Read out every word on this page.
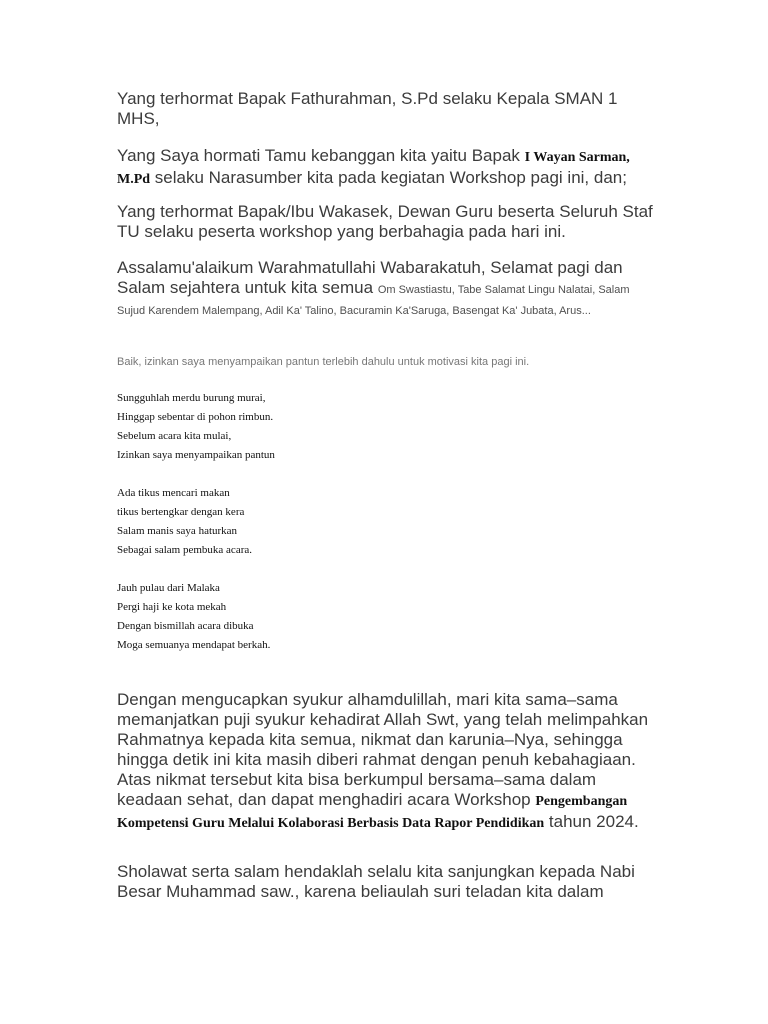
Yang terhormat Bapak Fathurahman, S.Pd selaku Kepala SMAN 1 MHS,

Yang Saya hormati Tamu kebanggan kita yaitu Bapak I Wayan Sarman, M.Pd selaku Narasumber kita pada kegiatan Workshop pagi ini, dan;

Yang terhormat Bapak/Ibu Wakasek, Dewan Guru beserta Seluruh Staf TU selaku peserta workshop yang berbahagia pada hari ini.

Assalamu'alaikum Warahmatullahi Wabarakatuh, Selamat pagi dan Salam sejahtera untuk kita semua Om Swastiastu, Tabe Salamat Lingu Nalatai, Salam Sujud Karendem Malempang, Adil Ka' Talino, Bacuramin Ka'Saruga, Basengat Ka' Jubata, Arus...

Baik, izinkan saya menyampaikan pantun terlebih dahulu untuk motivasi kita pagi ini.

Sungguhlah merdu burung murai,
Hinggap sebentar di pohon rimbun.
Sebelum acara kita mulai,
Izinkan saya menyampaikan pantun
Ada tikus mencari makan
tikus bertengkar dengan kera
Salam manis saya haturkan
Sebagai salam pembuka acara.
Jauh pulau dari Malaka
Pergi haji ke kota mekah
Dengan bismillah acara dibuka
Moga semuanya mendapat berkah.

Dengan mengucapkan syukur alhamdulillah, mari kita sama–sama memanjatkan puji syukur kehadirat Allah Swt, yang telah melimpahkan Rahmatnya kepada kita semua, nikmat dan karunia–Nya, sehingga hingga detik ini kita masih diberi rahmat dengan penuh kebahagiaan. Atas nikmat tersebut kita bisa berkumpul bersama–sama dalam keadaan sehat, dan dapat menghadiri acara Workshop Pengembangan Kompetensi Guru Melalui Kolaborasi Berbasis Data Rapor Pendidikan tahun 2024.

Sholawat serta salam hendaklah selalu kita sanjungkan kepada Nabi Besar Muhammad saw., karena beliaulah suri teladan kita dalam
